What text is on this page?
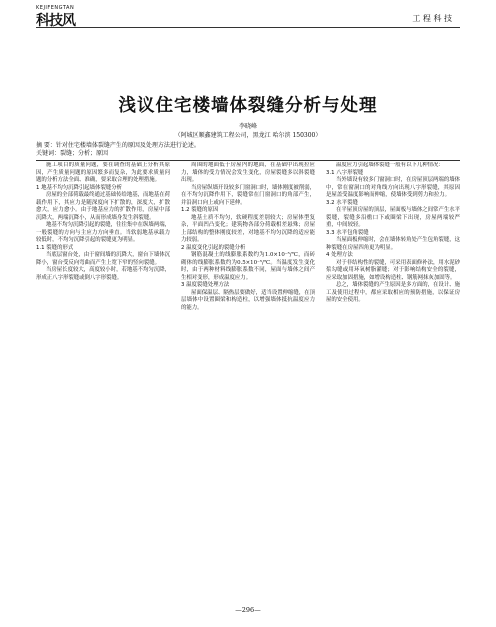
KEJIFENGTAN
科技风	工 程 科 技
浅议住宅楼墙体裂缝分析与处理
李晓峰
（阿城区顺鑫建筑工程公司，黑龙江 哈尔滨 150300）
摘 要：针对住宅楼墙体裂缝产生的原因及处理方法进行论述。
关键词：裂缝；分析；原因

施工项目的质量问题，要在调查的基础上分析其原因，产生质量问题的原因繁多而复杂，为此要求质量问题的分析方法全面、准确，要采取合理的处理措施。

1 地基不均匀沉降引起墙体裂缝分析

房屋的全部荷载最终通过基础传给地基，而地基在荷载作用下，其应力是随深度向下扩散的，深度大，扩散愈大，应力愈小。由于地基应力的扩散作用，房屋中部沉降大，两端沉降小，从而形成墙身发生斜裂缝。

地基不均匀沉降引起的裂缝，往往集中在纵墙两端，一般裂缝的方向与主应力方向垂直。当软弱地基承载力较低时，不均匀沉降引起的裂缝更为明显。

1.1 裂缝的形式

当底层窗台处，由于窗间墙的沉降大，窗台下墙体沉降小，窗台受反向弯曲而产生上宽下窄的竖向裂缝。

当房屋长度较大，高度较小时，若地基不均匀沉降，形成正八字形裂缝或倒八字形裂缝。

周围的地面低于房屋内的地面，在基础中出现拉应力，墙体的受力情况会发生变化，房屋裂缝多以斜裂缝出现。

当房屋纵墙开设较多门窗洞口时，墙体刚度被削弱，在不均匀沉降作用下，裂缝常在门窗洞口的角部产生，并沿洞口向上或向下延伸。

1.2 裂缝的原因

地基土质不均匀，软硬程度差别较大；房屋体型复杂，平面凹凸变化；建筑物各部分荷载相差悬殊；房屋上部结构的整体刚度较差，对地基不均匀沉降的适应能力较弱。

2 温度变化引起的裂缝分析

钢筋混凝土的线膨胀系数约为1.0×10⁻⁵/℃，而砖砌体的线膨胀系数约为0.5×10⁻⁵/℃。当温度发生变化时，由于两种材料线膨胀系数不同，屋面与墙体之间产生相对变形，形成温度应力。

3 温度裂缝处理方法

屋面保温层、隔热层要做好，适当设置伸缩缝，在顶层墙体中设置圈梁和构造柱，以增强墙体抵抗温度应力的能力。

温度应力引起墙体裂缝一般有以下几种情况：

3.1 八字形裂缝

当外墙设有较多门窗洞口时，在房屋顶层两端的墙体中，常在窗洞口的对角线方向出现八字形裂缝，其原因是屋盖受温度影响而伸缩，使墙体受到剪力和拉力。

3.2 水平裂缝

在平屋顶房屋的顶层，屋面板与墙体之间常产生水平裂缝，裂缝多沿檐口下或圈梁下出现，房屋两端较严重，中间较轻。

3.3 水平包角裂缝

当屋面板伸缩时，会在墙体转角处产生包角裂缝，这种裂缝在房屋四角更为明显。

4 处理方法

对于非结构性的裂缝，可采用表面修补法，用水泥砂浆勾缝或用环氧树脂灌缝；对于影响结构安全的裂缝，应采取加固措施，如增设构造柱、钢筋网抹灰加固等。

总之，墙体裂缝的产生原因是多方面的，在设计、施工及使用过程中，都应采取相应的预防措施，以保证房屋的安全使用。

—296—
